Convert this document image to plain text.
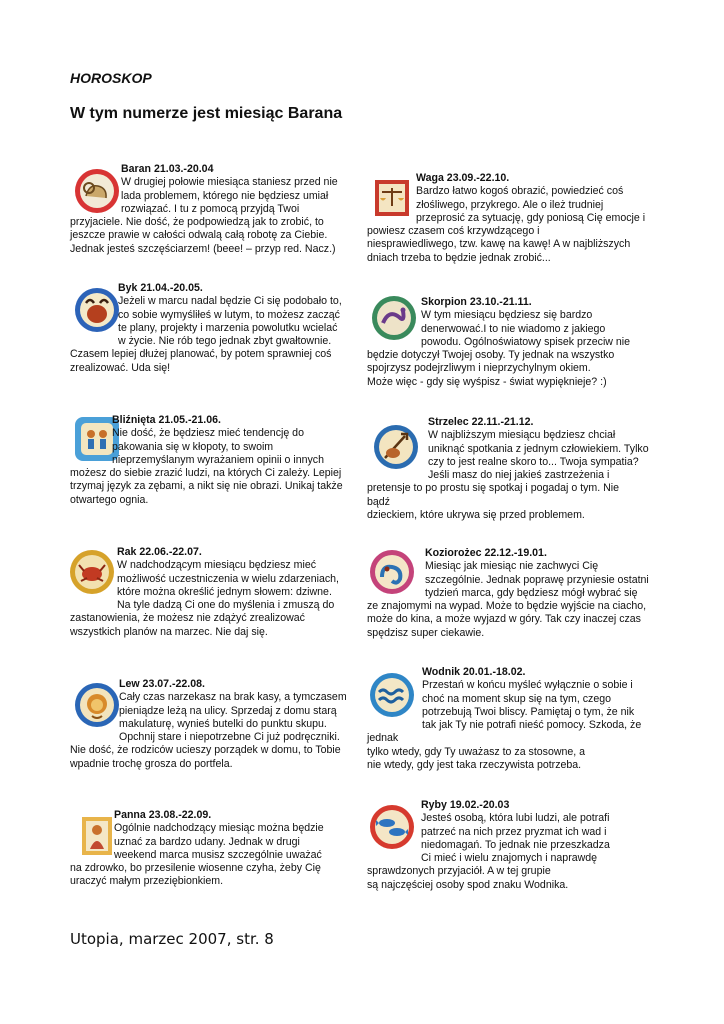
HOROSKOP
W tym numerze jest miesiąc Barana
Baran 21.03.-20.04

W drugiej połowie miesiąca staniesz przed nie

lada problemem, którego nie będziesz umiał

rozwiązać. I tu z pomocą przyjdą Twoi

przyjaciele. Nie dość, że podpowiedzą jak to zrobić, to

jeszcze prawie w całości odwalą całą robotę za Ciebie.

Jednak jesteś szczęściarzem! (beee! – przyp red. Nacz.)

Byk 21.04.-20.05.

Jeżeli w marcu nadal będzie Ci się podobało to,

co sobie wymyśliłeś w lutym, to możesz zacząć

te plany, projekty i marzenia powolutku wcielać

w życie. Nie rób tego jednak zbyt gwałtownie.

Czasem lepiej dłużej planować, by potem sprawniej coś

zrealizować. Uda się!

Bliźnięta 21.05.-21.06.

Nie dość, że będziesz mieć tendencję do

pakowania się w kłopoty, to swoim

nieprzemyślanym wyrażaniem opinii o innych

możesz do siebie zrazić ludzi, na których Ci zależy. Lepiej

trzymaj język za zębami, a nikt się nie obrazi. Unikaj także

otwartego ognia.

Rak 22.06.-22.07.

W nadchodzącym miesiącu będziesz mieć

możliwość uczestniczenia w wielu zdarzeniach,

które można określić jednym słowem: dziwne.

Na tyle dadzą Ci one do myślenia i zmuszą do

zastanowienia, że możesz nie zdążyć zrealizować

wszystkich planów na marzec. Nie daj się.

Lew 23.07.-22.08.

Cały czas narzekasz na brak kasy, a tymczasem

pieniądze leżą na ulicy. Sprzedaj z domu starą

makulaturę, wynieś butelki do punktu skupu.

Opchnij stare i niepotrzebne Ci już podręczniki.

Nie dość, że rodziców ucieszy porządek w domu, to Tobie

wpadnie trochę grosza do portfela.

Panna 23.08.-22.09.

Ogólnie nadchodzący miesiąc można będzie

uznać za bardzo udany. Jednak w drugi

weekend marca musisz szczególnie uważać

na zdrowko, bo przesilenie wiosenne czyha, żeby Cię

uraczyć małym przeziębionkiem.

Waga 23.09.-22.10.

Bardzo łatwo kogoś obrazić, powiedzieć coś

złośliwego, przykrego. Ale o ileż trudniej

przeprosić za sytuację, gdy poniosą Cię emocje i

powiesz czasem coś krzywdzącego i

niesprawiedliwego, tzw. kawę na kawę! A w najbliższych

dniach trzeba to będzie jednak zrobić...

Skorpion 23.10.-21.11.

W tym miesiącu będziesz się bardzo

denerwować.I to nie wiadomo z jakiego

powodu. Ogólnoświatowy spisek przeciw nie

będzie dotyczył Twojej osoby. Ty jednak na wszystko

spojrzysz podejrzliwym i nieprzychylnym okiem.

Może więc - gdy się wyśpisz - świat wypiękniejе? :)

Strzelec 22.11.-21.12.

W najbliższym miesiącu będziesz chciał

uniknąć spotkania z jednym człowiekiem. Tylko

czy to jest realne skoro to... Twoja sympatia?

Jeśli masz do niej jakieś zastrzeżenia i

pretensje to po prostu się spotkaj i pogadaj o tym. Nie

bądź

dzieckiem, które ukrywa się przed problemem.

Koziorożec 22.12.-19.01.

Miesiąc jak miesiąc nie zachwyci Cię

szczególnie. Jednak poprawę przyniesie ostatni

tydzień marca, gdy będziesz mógł wybrać się

ze znajomymi na wypad. Może to będzie wyjście na ciacho,

może do kina, a może wyjazd w góry. Tak czy inaczej czas

spędzisz super ciekawie.

Wodnik 20.01.-18.02.

Przestań w końcu myśleć wyłącznie o sobie i

choć na moment skup się na tym, czego

potrzebują Twoi bliscy. Pamiętaj o tym, że nik

tak jak Ty nie potrafi nieść pomocy. Szkoda, że

jednak

tylko wtedy, gdy Ty uważasz to za stosowne, a

nie wtedy, gdy jest taka rzeczywista potrzeba.

Ryby 19.02.-20.03

Jesteś osobą, która lubi ludzi, ale potrafi

patrzeć na nich przez pryzmat ich wad i

niedomagań. To jednak nie przeszkadza

Ci mieć i wielu znajomych i naprawdę

sprawdzonych przyjaciół. A w tej grupie

są najczęściej osoby spod znaku Wodnika.

Utopia, marzec 2007, str. 8
